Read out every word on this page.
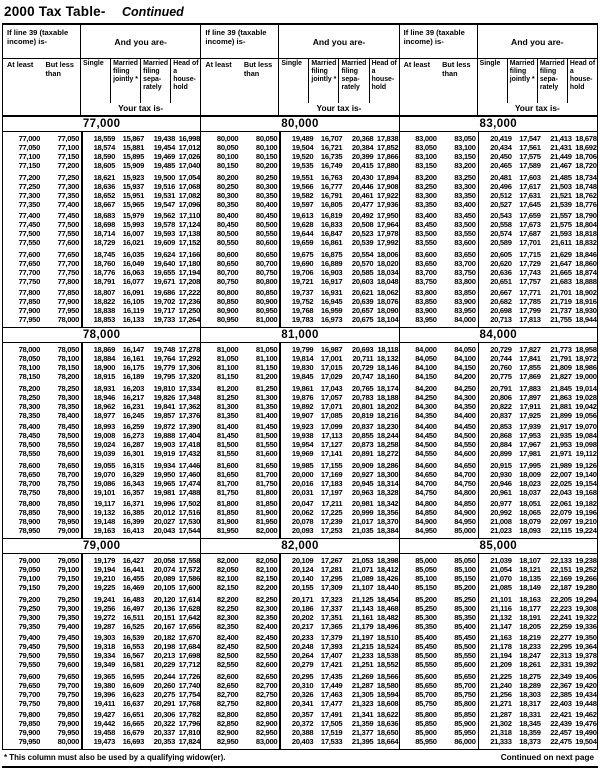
2000 Tax Table- Continued
If line 39 (taxable income) is-	And you are-
At least	But less than
Single	Married filing jointly *
Married filing sepa- rately
Head of a house- hold
Your tax is-
77,000
77,000	77,050	18,559 15,867	19,438 16,998
77,050	77,100	18,574 15,881	19,454 17,012
77,100	77,150	18,590 15,895	19,469 17,026
77,150	77,200	18,605 15,909	19,485 17,040
77,200	77,250	18,621 15,923	19,500 17,054
77,250	77,300	18,636 15,937	19,516 17,068
77,300	77,350	18,652 15,951	19,531 17,082
77,350	77,400	18,667 15,965	19,547 17,096
77,400	77,450	18,683 15,979	19,562 17,110
77,450	77,500	18,698 15,993	19,578 17,124
77,500	77,550	18,714 16,007	19,593 17,138
77,550	77,600	18,729 16,021	19,609 17,152
77,600	77,650	18,745 16,035	19,624 17,166
77,650	77,700	18,760 16,049	19,640 17,180
77,700	77,750	18,776 16,063	19,655 17,194
77,750	77,800	18,791 16,077	19,671 17,208
77,800	77,850	18,807 16,091	19,686 17,222
77,850	77,900	18,822 16,105	19,702 17,236
77,900	77,950	18,838	16,119	19,717 17,250
77,950	78,000	18,853 16,133	19,733 17,264
78,000
78,000	78,050	18,869 16,147	19,748 17,278
78,050	78,100	18,884 16,161	19,764 17,292
78,100	78,150	18,900 16,175	19,779 17,306
78,150	78,200	18,915 16,189	19,795 17,320
78,200	78,250	18,931 16,203	19,810 17,334
78,250	78,300	18,946 16,217	19,826 17,348
78,300	78,350	18,962 16,231	19,841 17,362
78,350	78,400	18,977 16,245	19,857 17,376
78,400	78,450	18,993 16,259	19,872 17,390
78,450	78,500	19,008 16,273	19,888 17,404
78,500	78,550	19,024 16,287	19,903 17,418
78,550	78,600	19,039 16,301	19,919 17,432
78,600	78,650	19,055 16,315	19,934 17,446
78,650	78,700	19,070 16,329	19,950 17,460
78,700	78,750	19,086 16,343	19,965 17,474
78,750	78,800	19,101 16,357	19,981 17,488
78,800	78,850	19,117 16,371	19,996 17,502
78,850	78,900	19,132 16,385	20,012 17,516
78,900	78,950	19,148 16,399	20,027 17,530
78,950	79,000	19,163 16,413	20,043 17,544
79,000
79,000	79,050	19,179 16,427	20,058 17,558
79,050	79,100	19,194 16,441	20,074 17,572
79,100	79,150	19,210 16,455	20,089 17,586
79,150	79,200	19,225 16,469	20,105 17,600
79,200	79,250	19,241 16,483	20,120 17,614
79,250	79,300	19,256 16,497	20,136 17,628
79,300	79,350	19,272	16,511	20,151 17,642
79,350	79,400	19,287 16,525	20,167 17,656
79,400	79,450	19,303 16,539	20,182 17,670
79,450	79,500	19,318 16,553	20,198 17,684
79,500	79,550	19,334 16,567	20,213 17,698
79,550	79,600	19,349 16,581	20,229 17,712
79,600	79,650	19,365 16,595	20,244 17,726
79,650	79,700	19,380 16,609	20,260 17,740
79,700	79,750	19,396 16,623	20,275 17,754
79,750	79,800	19,411 16,637	20,291 17,768
79,800	79,850	19,427 16,651	20,306 17,782
79,850	79,900	19,442 16,665	20,322 17,796
79,900	79,950	19,458 16,679	20,337 17,810
79,950	80,000	19,473 16,693	20,353 17,824
If line 39 (taxable income) is-	And you are-
At least	But less than
Single	Married filing jointly *
Married filing sepa- rately
Head of a house- hold
Your tax is-
80,000
80,000	80,050	19,489 16,707	20,368 17,838
80,050	80,100	19,504 16,721	20,384 17,852
80,100	80,150	19,520 16,735	20,399 17,866
80,150	80,200	19,535 16,749	20,415 17,880
80,200	80,250	19,551 16,763	20,430 17,894
80,250	80,300	19,566 16,777	20,446 17,908
80,300	80,350	19,582 16,791	20,461 17,922
80,350	80,400	19,597 16,805	20,477 17,936
80,400	80,450	19,613 16,819	20,492 17,950
80,450	80,500	19,628 16,833	20,508 17,964
80,500	80,550	19,644 16,847	20,523 17,978
80,550	80,600	19,659 16,861	20,539 17,992
80,600	80,650	19,675 16,875	20,554 18,006
80,650	80,700	19,690 16,889	20,570 18,020
80,700	80,750	19,706 16,903	20,585 18,034
80,750	80,800	19,721 16,917	20,603 18,048
80,800	80,850	19,737 16,931	20,621 18,062
80,850	80,900	19,752 16,945	20,639 18,076
80,900	80,950	19,768 16,959	20,657 18,090
80,950	81,000	19,783 16,973	20,675 18,104
81,000
81,000	81,050	19,799 16,987	20,693 18,118
81,050	81,100	19,814 17,001	20,711 18,132
81,100	81,150	19,830 17,015	20,729 18,146
81,150	81,200	19,845 17,029	20,747 18,160
81,200	81,250	19,861 17,043	20,765 18,174
81,250	81,300	19,876 17,057	20,783 18,188
81,300	81,350	19,892 17,071	20,801 18,202
81,350	81,400	19,907 17,085	20,819 18,216
81,400	81,450	19,923 17,099	20,837 18,230
81,450	81,500	19,938	17,113	20,855 18,244
81,500	81,550	19,954 17,127	20,873 18,258
81,550	81,600	19,969 17,141	20,891 18,272
81,600	81,650	19,985 17,155	20,909 18,286
81,650	81,700	20,000 17,169	20,927 18,300
81,700	81,750	20,016 17,183	20,945 18,314
81,750	81,800	20,031 17,197	20,963 18,328
81,800	81,850	20,047	17,211	20,981 18,342
81,850	81,900	20,062 17,225	20,999 18,356
81,900	81,950	20,078 17,239	21,017 18,370
81,950	82,000	20,093 17,253	21,035 18,384
82,000
82,000	82,050	20,109 17,267	21,053 18,398
82,050	82,100	20,124 17,281	21,071 18,412
82,100	82,150	20,140 17,295	21,089 18,426
82,150	82,200	20,155 17,309	21,107 18,440
82,200	82,250	20,171 17,323	21,125 18,454
82,250	82,300	20,186 17,337	21,143 18,468
82,300	82,350	20,202 17,351	21,161 18,482
82,350	82,400	20,217 17,365	21,179 18,496
82,400	82,450	20,233 17,379	21,197 18,510
82,450	82,500	20,248 17,393	21,215 18,524
82,500	82,550	20,264 17,407	21,233 18,538
82,550	82,600	20,279 17,421	21,251 18,552
82,600	82,650	20,295 17,435	21,269 18,566
82,650	82,700	20,310 17,449	21,287 18,580
82,700	82,750	20,326 17,463	21,305 18,594
82,750	82,800	20,341 17,477	21,323 18,608
82,800	82,850	20,357 17,491	21,341 18,622
82,850	82,900	20,372 17,505	21,359 18,636
82,900	82,950	20,388 17,519	21,377 18,650
82,950	83,000	20,403 17,533	21,395 18,664
If line 39 (taxable income) is-	And you are-
At least	But less than
Single	Married filing jointly *
Married filing sepa- rately
Head of a house- hold
Your tax is-
83,000
83,000	83,050	20,419 17,547	21,413 18,678
83,050	83,100	20,434 17,561	21,431 18,692
83,100	83,150	20,450 17,575	21,449 18,706
83,150	83,200	20,465 17,589	21,467 18,720
83,200	83,250	20,481 17,603	21,485 18,734
83,250	83,300	20,496 17,617	21,503 18,748
83,300	83,350	20,512 17,631	21,521 18,762
83,350	83,400	20,527 17,645	21,539 18,776
83,400	83,450	20,543 17,659	21,557 18,790
83,450	83,500	20,558 17,673	21,575 18,804
83,500	83,550	20,574 17,687	21,593 18,818
83,550	83,600	20,589 17,701	21,611 18,832
83,600	83,650	20,605 17,715	21,629 18,846
83,650	83,700	20,620 17,729	21,647 18,860
83,700	83,750	20,636 17,743	21,665 18,874
83,750	83,800	20,651 17,757	21,683 18,888
83,800	83,850	20,667 17,771	21,701 18,902
83,850	83,900	20,682 17,785	21,719 18,916
83,900	83,950	20,698 17,799	21,737 18,930
83,950	84,000	20,713 17,813	21,755 18,944
84,000
84,000	84,050	20,729 17,827	21,773 18,958
84,050	84,100	20,744 17,841	21,791 18,972
84,100	84,150	20,760 17,855	21,809 18,986
84,150	84,200	20,775 17,869	21,827 19,000
84,200	84,250	20,791 17,883	21,845 19,014
84,250	84,300	20,806 17,897	21,863 19,028
84,300	84,350	20,822	17,911	21,881 19,042
84,350	84,400	20,837 17,925	21,899 19,056
84,400	84,450	20,853 17,939	21,917 19,070
84,450	84,500	20,868 17,953	21,935 19,084
84,500	84,550	20,884 17,967	21,953 19,098
84,550	84,600	20,899 17,981	21,971 19,112
84,600	84,650	20,915 17,995	21,989 19,126
84,650	84,700	20,930 18,009	22,007 19,140
84,700	84,750	20,946 18,023	22,025 19,154
84,750	84,800	20,961 18,037	22,043 19,168
84,800	84,850	20,977 18,051	22,061 19,182
84,850	84,900	20,992 18,065	22,079 19,196
84,900	84,950	21,008 18,079	22,097 19,210
84,950	85,000	21,023 18,093	22,115 19,224
85,000
85,000	85,050	21,039 18,107	22,133 19,238
85,050	85,100	21,054 18,121	22,151 19,252
85,100	85,150	21,070 18,135	22,169 19,266
85,150	85,200	21,085 18,149	22,187 19,280
85,200	85,250	21,101 18,163	22,205 19,294
85,250	85,300	21,116 18,177	22,223 19,308
85,300	85,350	21,132 18,191	22,241 19,322
85,350	85,400	21,147 18,205	22,259 19,336
85,400	85,450	21,163 18,219	22,277 19,350
85,450	85,500	21,178 18,233	22,295 19,364
85,500	85,550	21,194 18,247	22,313 19,378
85,550	85,600	21,209 18,261	22,331 19,392
85,600	85,650	21,225 18,275	22,349 19,406
85,650	85,700	21,240 18,289	22,367 19,420
85,700	85,750	21,256 18,303	22,385 19,434
85,750	85,800	21,271 18,317	22,403 19,448
85,800	85,850	21,287 18,331	22,421 19,462
85,850	85,900	21,302 18,345	22,439 19,476
85,900	85,950	21,318 18,359	22,457 19,490
85,950	86,000	21,333 18,373	22,475 19,504
* This column must also be used by a qualifying widow(er).	Continued on next page
